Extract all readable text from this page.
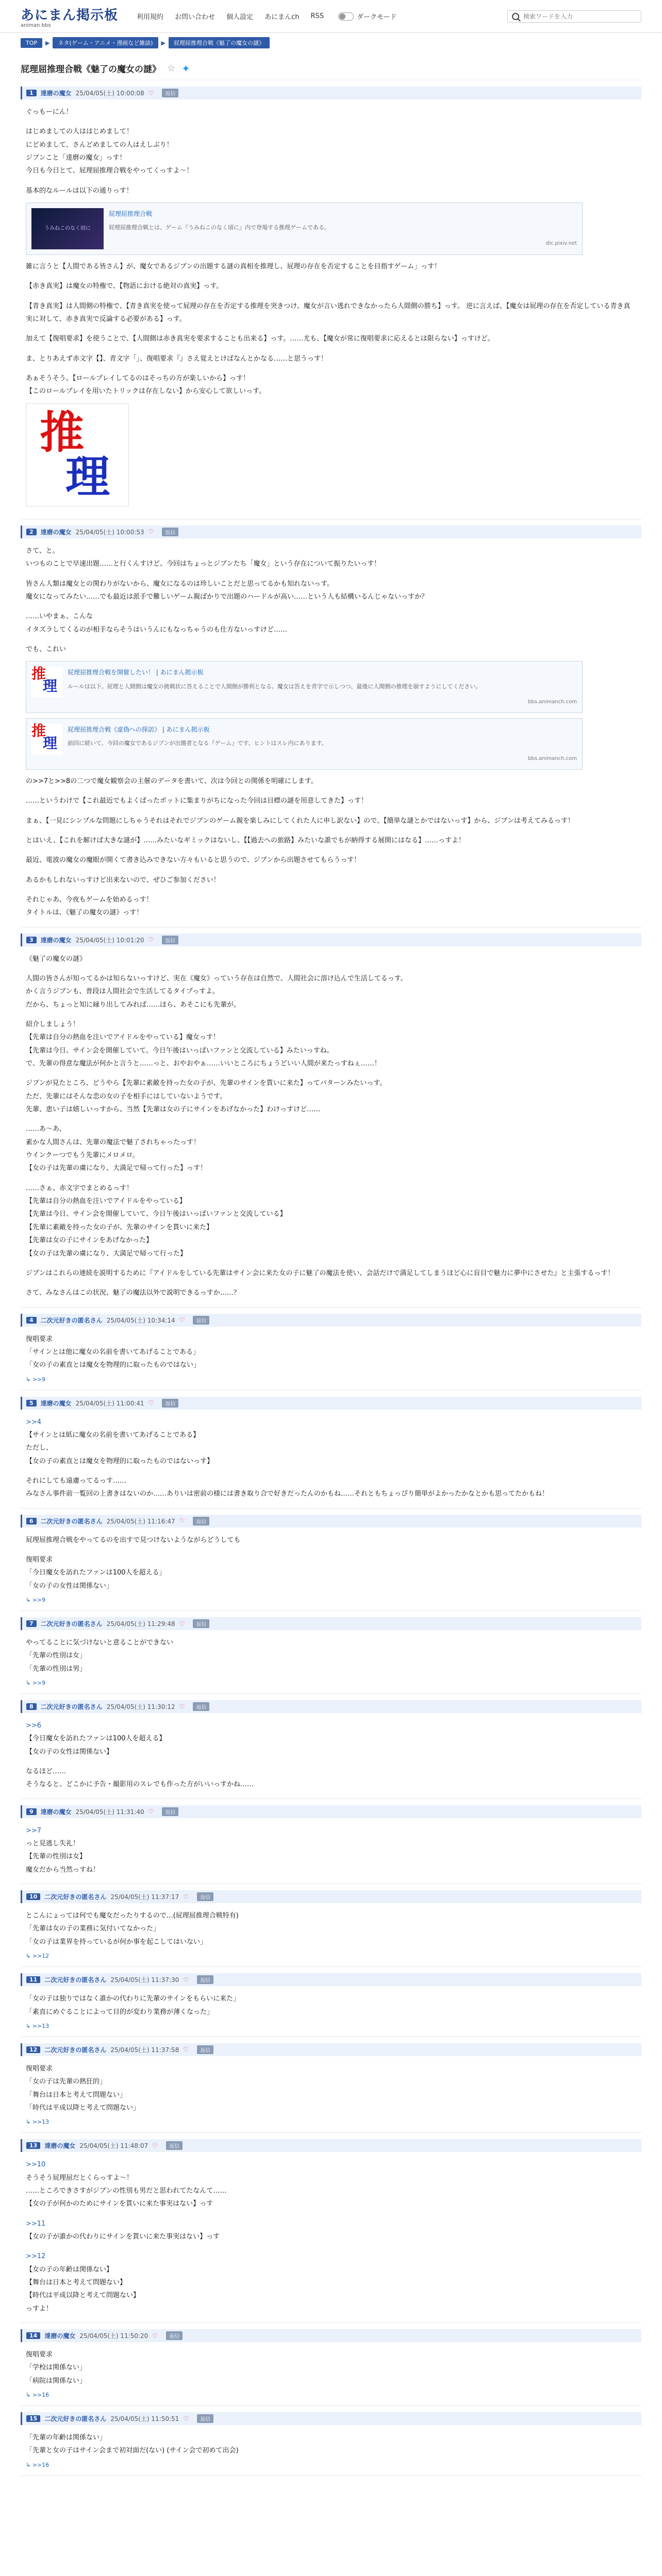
あにまん掲示板
animan bbs
利用規約 お問い合わせ 個人設定 あにまんch RSS	ダークモード
検索ワードを入力
TOP	▶	ネタ(ゲーム・アニメ・漫画など雑談)	▶	屁理屈推理合戦《魅了の魔女の謎》
屁理屈推理合戦《魅了の魔女の謎》 ☆ ✦
1	達磨の魔女 25/04/05(土) 10:00:08 ♡	返信

ぐっもーにん！

はじめましての人ははじめまして！

にどめまして、さんどめましての人はえしぶり！

ジブンこと「達磨の魔女」っす！

今日も今日とて、屁理屈推理合戦をやってくっすよ〜！

基本的なルールは以下の通りっす！

うみねこのなく頃に
屁理屈推理合戦
屁理屈推理合戦とは、ゲーム『うみねこのなく頃に』内で登場する推理ゲームである。
dic.pixiv.net

雑に言うと【人間である皆さん】が、魔女であるジブンの出題する謎の真相を推理し、屁理の存在を否定することを目指すゲーム」っす！

【赤き真実】は魔女の特権で、【物語における絶対の真実】っす。

【青き真実】は人間側の特権で、【青き真実を使って屁理の存在を否定する推理を突きつけ、魔女が言い逃れできなかったら人間側の勝ち】っす。 逆に言えば、【魔女は屁理の存在を否定している青き真実に対して、赤き真実で反論する必要がある】っす。

加えて【復唱要求】を使うことで、【人間側は赤き真実を要求することも出来る】っす。……尤も、【魔女が常に復唱要求に応えるとは限らない】っすけど。

ま、とりあえず赤文字【】、青文字「」、復唱要求『』さえ覚えとけばなんとかなる……と思うっす！

あぁそうそう。【ロールプレイしてるのはそっちの方が楽しいから】っす！

【このロールプレイを用いたトリックは存在しない】から安心して欲しいっす。

推
理
2	達磨の魔女 25/04/05(土) 10:00:53 ♡	返信

さて、と。

いつものことで早速出題……と行くんすけど、今回はちょっとジブンたち「魔女」という存在について振りたいっす！

皆さん人類は魔女との関わりがないから、魔女になるのは珍しいことだと思ってるかも知れないっす。

魔女になってみたい……でも最近は派手で難しいゲーム親ばかりで出題のハードルが高い……という人も結構いるんじゃないっすか？

……いやまぁ、こんな

イタズラしてくるのが相手ならそうはいうんにもなっちゃうのも仕方ないっすけど……

でも、これい

推
理
屁理屈推理合戦を開催したい！ | あにまん掲示板
ルールは以下。屁理と人間側は魔女の挑戦状に答えることで人間側が勝利となる。魔女は答えを青字で示しつつ、最後に人間側の推理を崩すようにしてください。
bbs.animanch.com
推
理
屁理屈推理合戦《虚偽への探訪》 | あにまん掲示板
前回に続いて、今回の魔女であるジブンが出題者となる『ゲーム』です。ヒントはスレ内にあります。
bbs.animanch.com

の>>7と>>8の二つで魔女観察会の主催のデータを書いて、次は今回との関係を明確にします。

……というわけで【これ最近でもよくぱったポットに集まりがちになった今回は目標の謎を用意してきた】っす！

まぁ、【一見にシンプルな問題にしちゃうそれはそれでジブンのゲーム親を楽しみにしてくれた人に申し訳ない】ので、【簡単な謎とかではないっす】から、ジブンは考えてみるっす！

とはいえ、【これを解けば大きな謎が】……みたいなギミックはないし、【【過去への旅路】みたいな誰でもが納得する展開にはなる】……っすよ！

最近、電波の魔女の魔眼が開くて書き込みできない方々もいると思うので、ジブンから出題させてもらうっす！

あるかもしれないっすけど出来ないので、ぜひご参加ください！

それじゃあ、今夜もゲームを始めるっす！

タイトルは、《魅了の魔女の謎》っす！

3	達磨の魔女 25/04/05(土) 10:01:20 ♡	返信

《魅了の魔女の謎》

人間の皆さんが知ってるかは知らないっすけど、実在《魔女》っていう存在は自然で、人間社会に溶け込んで生活してるっす。

かく言うジブンも、普段は人間社会で生活してるタイプっすよ。

だから、ちょっと知に縁り出してみれば……ほら、あそこにも先輩が。

紹介しましょう！

【先輩は自分の熱血を注いでアイドルをやっている】魔女っす！

【先輩は今日、サイン会を開催していて、今日午後はいっぱいファンと交流している】みたいっすね。

で、先輩の得意な魔法が何かと言うと……っと、おやおやぁ……いいところにちょうどいい人間が来たっすねぇ……！

ジブンが見たところ、どうやら【先輩に素敵を持った女の子が、先輩のサインを貰いに来た】ってパターンみたいっす。

ただ、先輩にはそんな恋の女の子を相手にはしていないようです。

先輩、恵い子は嬉しいっすから、当然【先輩は女の子にサインをあげなかった】わけっすけど……

……あ〜あ、

素かな人間さんは、先輩の魔法で魅了されちゃったっす！

ウインクーつでもう先輩にメロメロ。

【女の子は先輩の虜になり、大満足で帰って行った】っす！

……さぁ、赤文字でまとめるっす！

【先輩は自分の熱血を注いでアイドルをやっている】

【先輩は今日、サイン会を開催していて、今日午後はいっぱいファンと交流している】

【先輩に素敵を持った女の子が、先輩のサインを貰いに来た】

【先輩は女の子にサインをあげなかった】

【女の子は先輩の虜になり、大満足で帰って行った】

ジブンはこれらの連続を説明するために『アイドルをしている先輩はサイン会に来た女の子に魅了の魔法を使い、会話だけで満足してしまうほど心に盲目で魅力に夢中にさせた』と主張するっす！

さて、みなさんはこの状況、魅了の魔法以外で説明できるっすか……？

4	二次元好きの匿名さん 25/04/05(土) 10:34:14 ♡	返信

復唱要求

「サインとは他に魔女の名前を書いてあげることである」

「女の子の素直とは魔女を物理的に取ったものではない」

↳ >>9
5	達磨の魔女 25/04/05(土) 11:00:41 ♡	返信

>>4

【サインとは紙に魔女の名前を書いてあげることである】

ただし、

【女の子の素直とは魔女を物理的に取ったものではないっす】

それにしても遠慮ってるっす……

みなさん事件前一覧回の上書きはないのか……ありいは密前の様には書き取り合で好きだったんのかもね……それともちょっぴり簡単がよかったかなとかも思ってたかもね！

6	二次元好きの匿名さん 25/04/05(土) 11:16:47 ♡	返信

屁理屈推理合戦をやってるのを出すで見つけないようながらどうしても

復唱要求

「今日魔女を訪れたファンは100人を超える」

「女の子の女性は関係ない」

↳ >>9
7	二次元好きの匿名さん 25/04/05(土) 11:29:48 ♡	返信

やってることに気づけないと意ることができない

「先輩の性別は女」

「先輩の性別は男」

↳ >>9
8	二次元好きの匿名さん 25/04/05(土) 11:30:12 ♡	返信

>>6

【今日魔女を訪れたファンは100人を超える】

【女の子の女性は関係ない】

なるほど……

そうなると、どこかに予告・撮影用のスレでも作った方がいいっすかね……

9	達磨の魔女 25/04/05(土) 11:31:40 ♡	返信

>>7

っと見逃し失礼！

【先輩の性別は女】

魔女だから当然っすね！

10	二次元好きの匿名さん 25/04/05(土) 11:37:17 ♡	返信

とこんにょっては何でも魔女だったりするので…(屁理屈推理合戦特有)

「先輩は女の子の業務に気付いてなかった」

「女の子は業界を持っているが何か事を起こしてはいない」

↳ >>12
11	二次元好きの匿名さん 25/04/05(土) 11:37:30 ♡	返信

「女の子は独りではなく誰かの代わりに先輩のサインをもらいに来た」

「素直にめぐることによって目的が変わり業務が薄くなった」

↳ >>13
12	二次元好きの匿名さん 25/04/05(土) 11:37:58 ♡	返信

復唱要求

「女の子は先輩の熱狂的」

「舞台は日本と考えて問題ない」

「時代は平成以降と考えて問題ない」

↳ >>13
13	達磨の魔女 25/04/05(土) 11:48:07 ♡	返信

>>10

そうそう屁理屈だとくらっすよ〜！

……ところできさすがジブンの性別も男だと思われてたなんて……

【女の子が何かのためにサインを貰いに来た事実はない】っす

>>11

【女の子が誰かの代わりにサインを貰いに来た事実はない】っす

>>12

【女の子の年齢は関係ない】

【舞台は日本と考えて問題ない】

【時代は平成以降と考えて問題ない】

っすよ！

14	達磨の魔女 25/04/05(土) 11:50:20 ♡	返信

復唱要求

「学校は関係ない」

「病院は関係ない」

↳ >>16
15	二次元好きの匿名さん 25/04/05(土) 11:50:51 ♡	返信

「先輩の年齢は関係ない」

「先輩と女の子はサイン会まで初対面だ(ない) (サイン会で初めて出会)

↳ >>16
